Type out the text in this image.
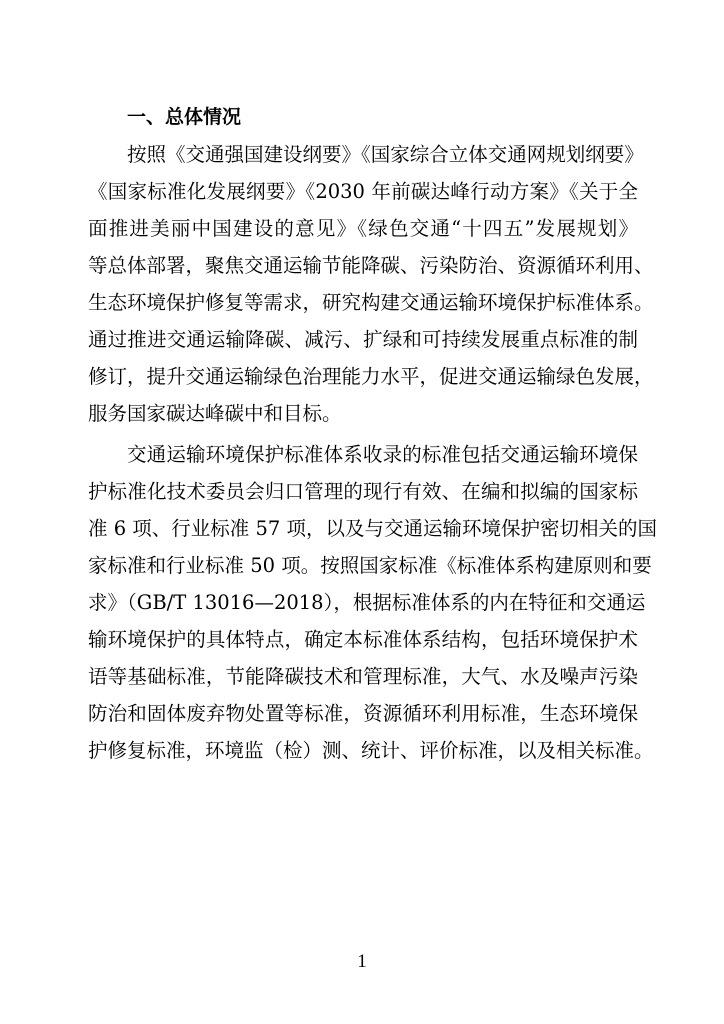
一、总体情况
按照《交通强国建设纲要》《国家综合立体交通网规划纲要》
《国家标准化发展纲要》《2030 年前碳达峰行动方案》《关于全
面推进美丽中国建设的意见》《绿色交通“十四五”发展规划》
等总体部署，聚焦交通运输节能降碳、污染防治、资源循环利用、
生态环境保护修复等需求，研究构建交通运输环境保护标准体系。
通过推进交通运输降碳、减污、扩绿和可持续发展重点标准的制
修订，提升交通运输绿色治理能力水平，促进交通运输绿色发展，
服务国家碳达峰碳中和目标。
交通运输环境保护标准体系收录的标准包括交通运输环境保
护标准化技术委员会归口管理的现行有效、在编和拟编的国家标
准 6 项、行业标准 57 项，以及与交通运输环境保护密切相关的国
家标准和行业标准 50 项。按照国家标准《标准体系构建原则和要
求》（GB/T 13016—2018），根据标准体系的内在特征和交通运
输环境保护的具体特点，确定本标准体系结构，包括环境保护术
语等基础标准，节能降碳技术和管理标准，大气、水及噪声污染
防治和固体废弃物处置等标准，资源循环利用标准，生态环境保
护修复标准，环境监（检）测、统计、评价标准，以及相关标准。
1
